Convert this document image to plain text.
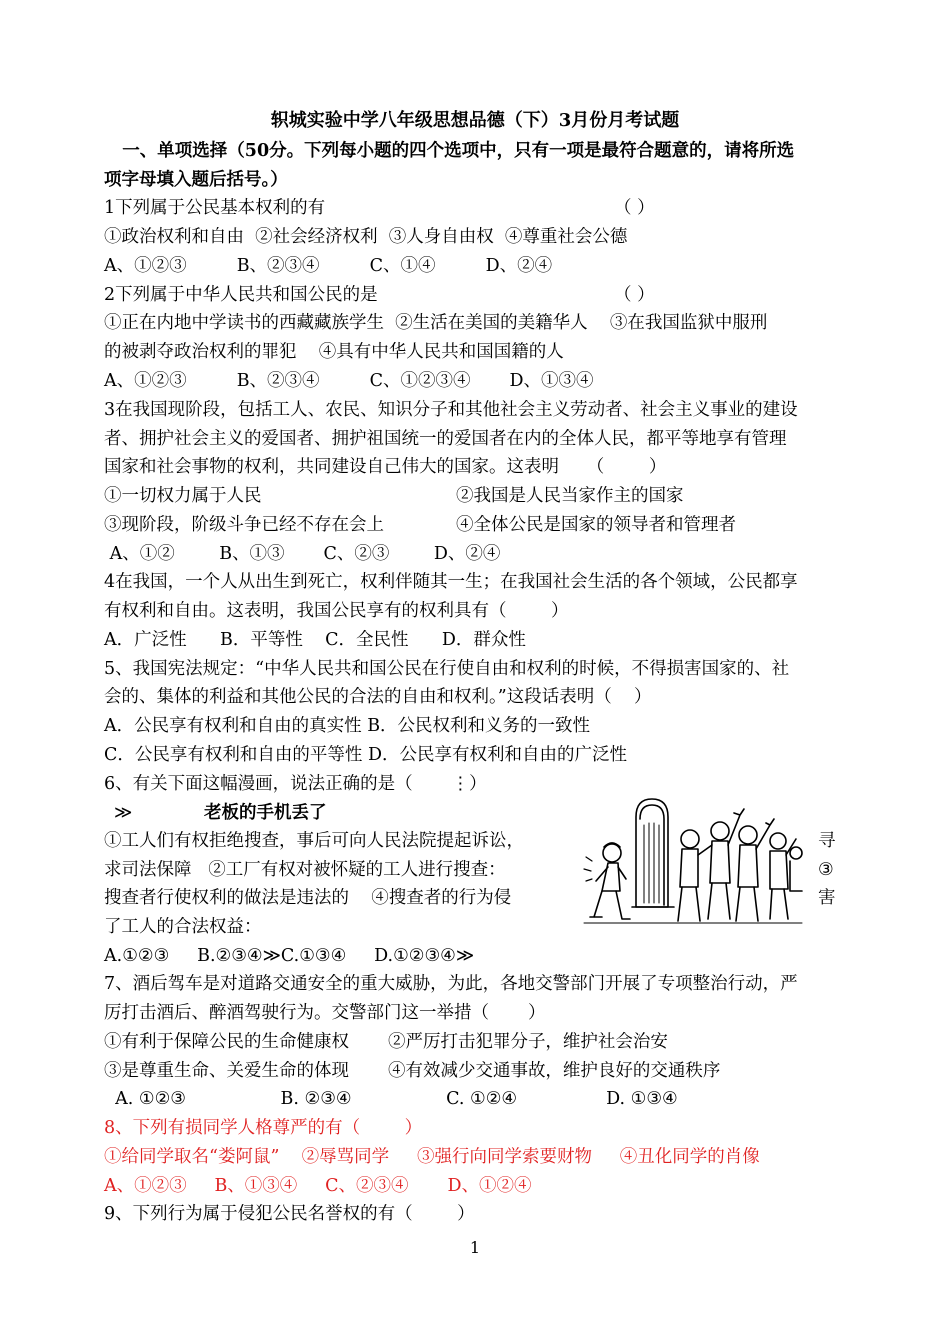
轵城实验中学八年级思想品德（下）3月份月考试题
一、单项选择（50分。下列每小题的四个选项中，只有一项是最符合题意的，请将所选
项字母填入题后括号。）
1下列属于公民基本权利的有	（ ）
①政治权利和自由  ②社会经济权利  ③人身自由权  ④尊重社会公德
A、①②③         B、②③④         C、①④         D、②④
2下列属于中华人民共和国公民的是	（ ）
①正在内地中学读书的西藏藏族学生  ②生活在美国的美籍华人    ③在我国监狱中服刑
的被剥夺政治权利的罪犯    ④具有中华人民共和国国籍的人
A、①②③         B、②③④         C、①②③④       D、①③④
3在我国现阶段，包括工人、农民、知识分子和其他社会主义劳动者、社会主义事业的建设
者、拥护社会主义的爱国者、拥护祖国统一的爱国者在内的全体人民，都平等地享有管理
国家和社会事物的权利，共同建设自己伟大的国家。这表明     （        ）
①一切权力属于人民	②我国是人民当家作主的国家
③现阶段，阶级斗争已经不存在会上	④全体公民是国家的领导者和管理者
A、①②        B、①③       C、②③        D、②④
4在我国，一个人从出生到死亡，权利伴随其一生；在我国社会生活的各个领域，公民都享
有权利和自由。这表明，我国公民享有的权利具有（        ）
A．广泛性      B．平等性    C．全民性      D．群众性
5、我国宪法规定：“中华人民共和国公民在行使自由和权利的时候，不得损害国家的、社
会的、集体的利益和其他公民的合法的自由和权利。”这段话表明（    ）
A．公民享有权利和自由的真实性 B．公民权利和义务的一致性
C．公民享有权利和自由的平等性 D．公民享有权利和自由的广泛性
6、有关下面这幅漫画，说法正确的是（       ⋮）
≫	老板的手机丢了
①工人们有权拒绝搜查，事后可向人民法院提起诉讼，	寻
求司法保障   ②工厂有权对被怀疑的工人进行搜查：	③
搜查者行使权利的做法是违法的    ④搜查者的行为侵	害
了工人的合法权益：
A.①②③     B.②③④≫C.①③④     D.①②③④≫
7、酒后驾车是对道路交通安全的重大威胁，为此，各地交警部门开展了专项整治行动，严
厉打击酒后、醉酒驾驶行为。交警部门这一举措（       ）
①有利于保障公民的生命健康权       ②严厉打击犯罪分子，维护社会治安
③是尊重生命、关爱生命的体现       ④有效减少交通事故，维护良好的交通秩序
A. ①②③                 B. ②③④                 C. ①②④                D. ①③④
8、下列有损同学人格尊严的有（        ）
①给同学取名“娄阿鼠”    ②辱骂同学     ③强行向同学索要财物     ④丑化同学的肖像
A、①②③     B、①③④     C、②③④       D、①②④
9、下列行为属于侵犯公民名誉权的有（        ）
1
